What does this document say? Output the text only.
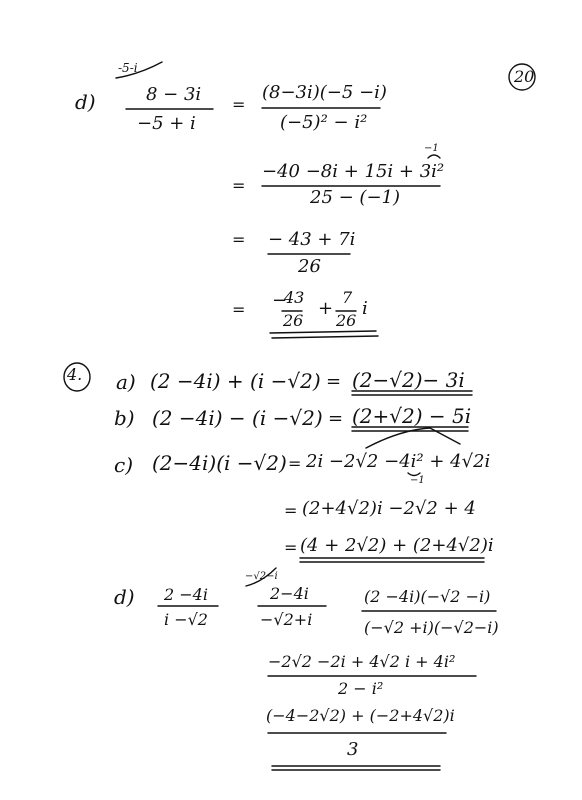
20
d)
-5-i
8 − 3i
−5 + i
=
(8−3i)(−5 −i)
(−5)² − i²
=
−1
−40 −8i + 15i + 3i²
25 − (−1)
= − 43 + 7i
26
= −
43
26
+
7
26
i
4. a) (2 −4i) + (i −√2) = (2−√2)− 3i
b) (2 −4i) − (i −√2) = (2+√2) − 5i
c) (2−4i)(i −√2) = 2i −2√2 −4i² + 4√2i
−1
= (2+4√2)i −2√2 + 4
= (4 + 2√2) + (2+4√2)i
d) 2 −4i
i −√2
−√2−i
2−4i
−√2+i
(2 −4i)(−√2 −i)
(−√2 +i)(−√2−i)
−2√2 −2i + 4√2 i + 4i²
2 − i²
(−4−2√2) + (−2+4√2)i
3
